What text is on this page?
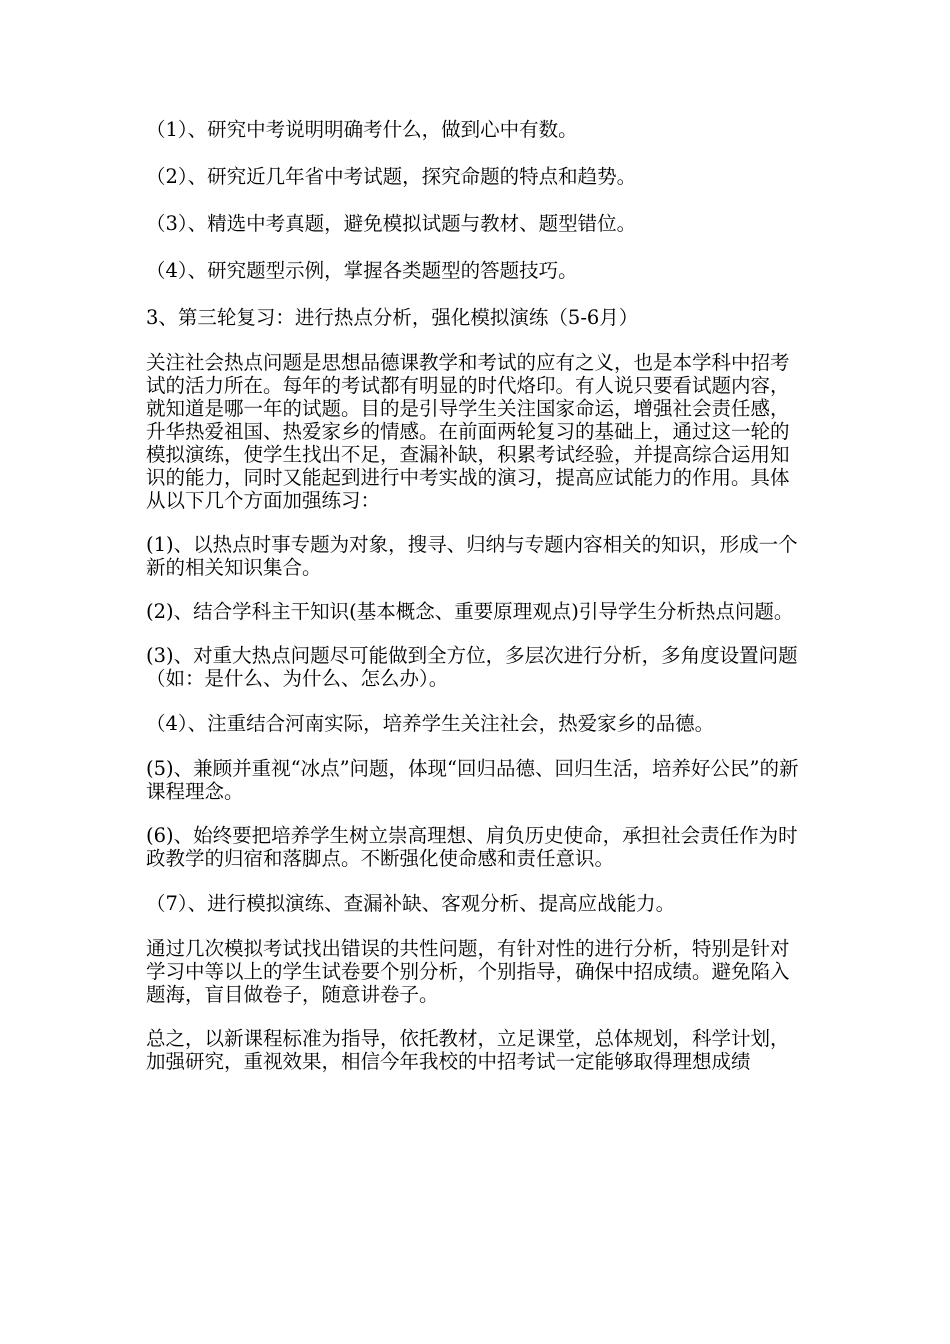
（1）、研究中考说明明确考什么，做到心中有数。

（2）、研究近几年省中考试题，探究命题的特点和趋势。

（3）、精选中考真题，避免模拟试题与教材、题型错位。

（4）、研究题型示例，掌握各类题型的答题技巧。

3、第三轮复习：进行热点分析，强化模拟演练（5-6月）

关注社会热点问题是思想品德课教学和考试的应有之义，也是本学科中招考试的活力所在。每年的考试都有明显的时代烙印。有人说只要看试题内容，就知道是哪一年的试题。目的是引导学生关注国家命运，增强社会责任感，升华热爱祖国、热爱家乡的情感。在前面两轮复习的基础上，通过这一轮的模拟演练，使学生找出不足，查漏补缺，积累考试经验，并提高综合运用知识的能力，同时又能起到进行中考实战的演习，提高应试能力的作用。具体从以下几个方面加强练习：

(1)、以热点时事专题为对象，搜寻、归纳与专题内容相关的知识，形成一个新的相关知识集合。

(2)、结合学科主干知识(基本概念、重要原理观点)引导学生分析热点问题。

(3)、对重大热点问题尽可能做到全方位，多层次进行分析，多角度设置问题（如：是什么、为什么、怎么办）。

（4）、注重结合河南实际，培养学生关注社会，热爱家乡的品德。

(5)、兼顾并重视“冰点”问题，体现“回归品德、回归生活，培养好公民”的新课程理念。

(6)、始终要把培养学生树立崇高理想、肩负历史使命，承担社会责任作为时政教学的归宿和落脚点。不断强化使命感和责任意识。

（7）、进行模拟演练、查漏补缺、客观分析、提高应战能力。

通过几次模拟考试找出错误的共性问题，有针对性的进行分析，特别是针对学习中等以上的学生试卷要个别分析，个别指导，确保中招成绩。避免陷入题海，盲目做卷子，随意讲卷子。

总之，以新课程标准为指导，依托教材，立足课堂，总体规划，科学计划，加强研究，重视效果，相信今年我校的中招考试一定能够取得理想成绩
